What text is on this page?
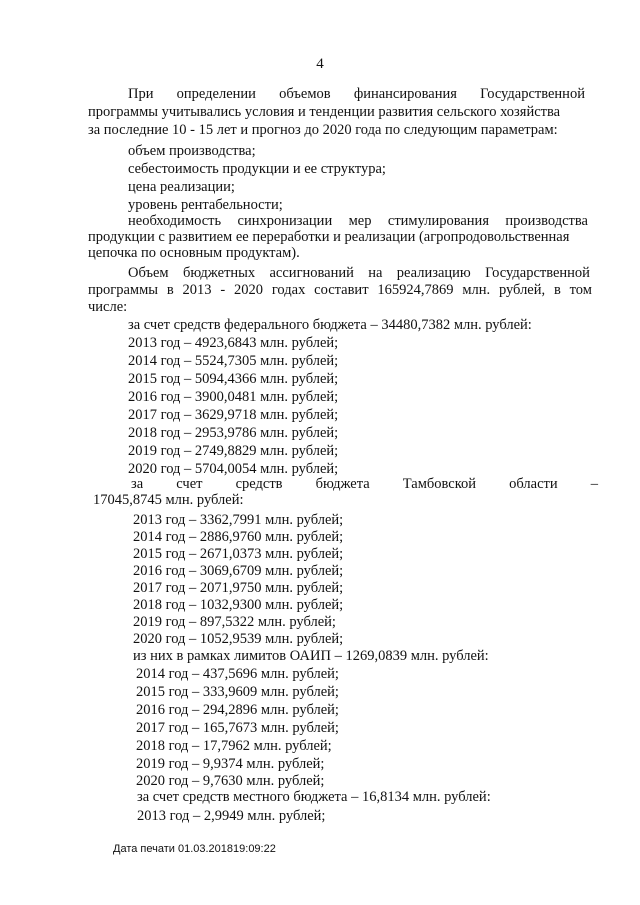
4
При определении объемов финансирования Государственной
программы учитывались условия и тенденции развития сельского хозяйства
за последние 10 - 15 лет и прогноз до 2020 года по следующим параметрам:
объем производства;
себестоимость продукции и ее структура;
цена реализации;
уровень рентабельности;
необходимость синхронизации мер стимулирования производства
продукции с развитием ее переработки и реализации (агропродовольственная
цепочка по основным продуктам).
Объем бюджетных ассигнований на реализацию Государственной
программы в 2013 - 2020 годах составит 165924,7869 млн. рублей, в том
числе:
за счет средств федерального бюджета – 34480,7382 млн. рублей:
2013 год – 4923,6843 млн. рублей;
2014 год – 5524,7305 млн. рублей;
2015 год – 5094,4366 млн. рублей;
2016 год – 3900,0481 млн. рублей;
2017 год – 3629,9718 млн. рублей;
2018 год – 2953,9786 млн. рублей;
2019 год – 2749,8829 млн. рублей;
2020 год – 5704,0054 млн. рублей;
за счет средств бюджета Тамбовской области –
17045,8745 млн. рублей:
2013 год – 3362,7991 млн. рублей;
2014 год – 2886,9760 млн. рублей;
2015 год – 2671,0373 млн. рублей;
2016 год – 3069,6709 млн. рублей;
2017 год – 2071,9750 млн. рублей;
2018 год – 1032,9300 млн. рублей;
2019 год – 897,5322 млн. рублей;
2020 год – 1052,9539 млн. рублей;
из них в рамках лимитов ОАИП – 1269,0839 млн. рублей:
2014 год – 437,5696 млн. рублей;
2015 год – 333,9609 млн. рублей;
2016 год – 294,2896 млн. рублей;
2017 год – 165,7673 млн. рублей;
2018 год – 17,7962 млн. рублей;
2019 год – 9,9374 млн. рублей;
2020 год – 9,7630 млн. рублей;
за счет средств местного бюджета – 16,8134 млн. рублей:
2013 год – 2,9949 млн. рублей;
Дата печати 01.03.201819:09:22
